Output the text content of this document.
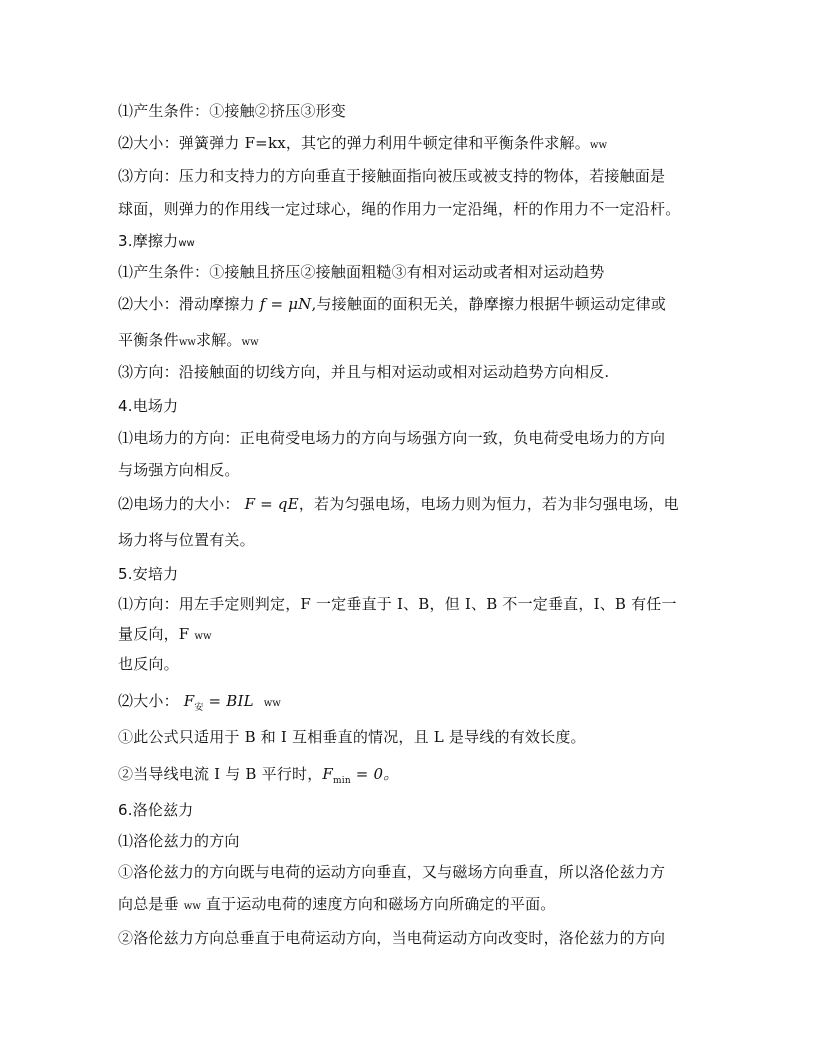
⑴产生条件：①接触②挤压③形变
⑵大小：弹簧弹力 F=kx，其它的弹力利用牛顿定律和平衡条件求解。ww
⑶方向：压力和支持力的方向垂直于接触面指向被压或被支持的物体，若接触面是
球面，则弹力的作用线一定过球心，绳的作用力一定沿绳，杆的作用力不一定沿杆。
3.摩擦力ww
⑴产生条件：①接触且挤压②接触面粗糙③有相对运动或者相对运动趋势
⑵大小：滑动摩擦力 f = μN,与接触面的面积无关，静摩擦力根据牛顿运动定律或
平衡条件ww求解。ww
⑶方向：沿接触面的切线方向，并且与相对运动或相对运动趋势方向相反.
4.电场力
⑴电场力的方向：正电荷受电场力的方向与场强方向一致，负电荷受电场力的方向
与场强方向相反。
⑵电场力的大小： F = qE，若为匀强电场，电场力则为恒力，若为非匀强电场，电
场力将与位置有关。
5.安培力
⑴方向：用左手定则判定，F 一定垂直于 I、B，但 I、B 不一定垂直，I、B 有任一
量反向，F ww
也反向。
⑵大小： $F_安$ = BIL ww
①此公式只适用于 B 和 I 互相垂直的情况，且 L 是导线的有效长度。
②当导线电流 I 与 B 平行时，$F_{min} = 0$。
6.洛伦兹力
⑴洛伦兹力的方向
①洛伦兹力的方向既与电荷的运动方向垂直，又与磁场方向垂直，所以洛伦兹力方
向总是垂 ww 直于运动电荷的速度方向和磁场方向所确定的平面。
②洛伦兹力方向总垂直于电荷运动方向，当电荷运动方向改变时，洛伦兹力的方向
